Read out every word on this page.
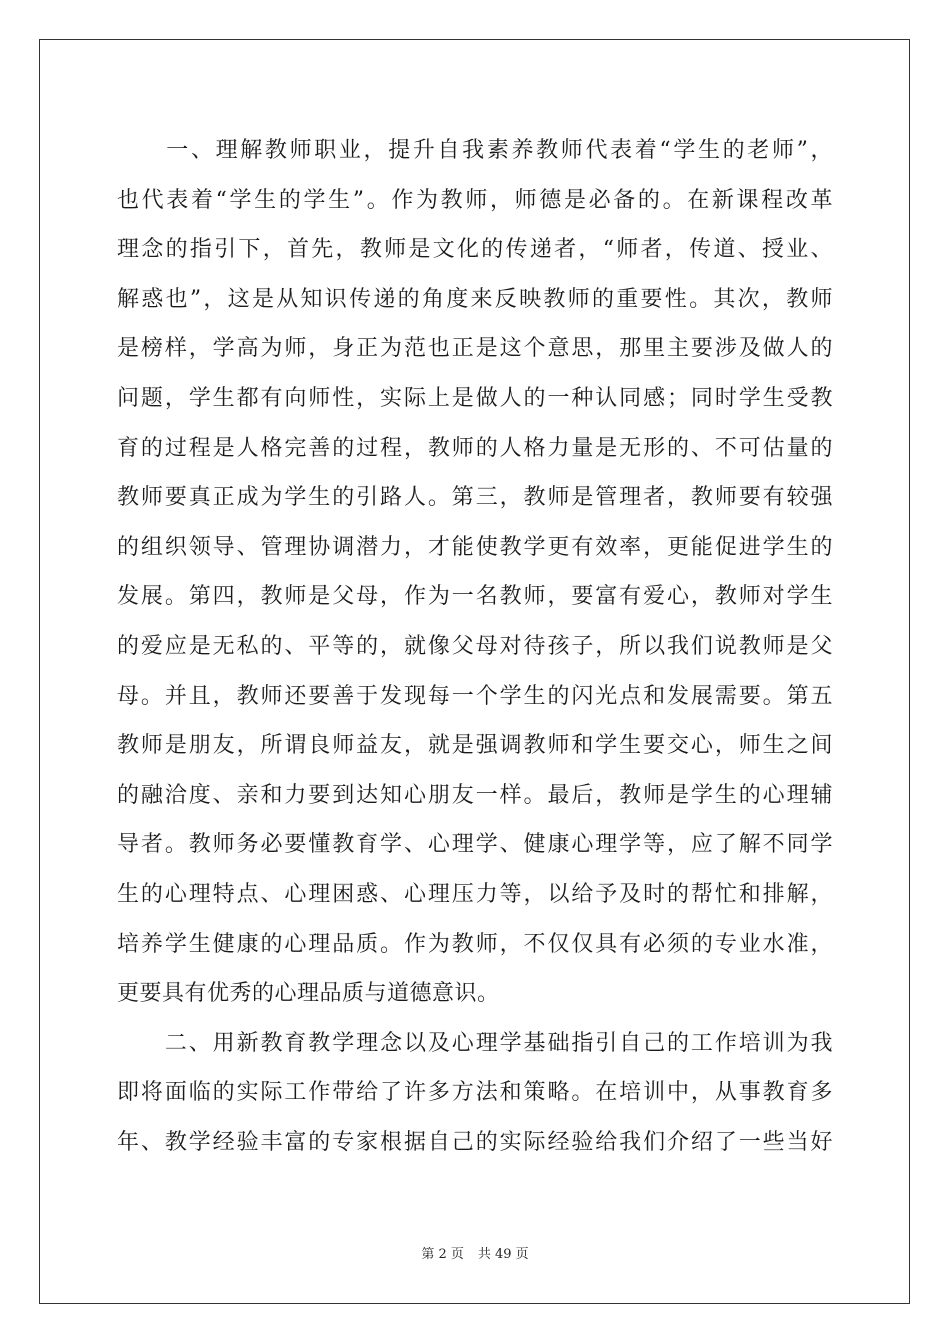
　　一、理解教师职业，提升自我素养教师代表着“学生的老师”，
也代表着“学生的学生”。作为教师，师德是必备的。在新课程改革
理念的指引下，首先，教师是文化的传递者，“师者，传道、授业、
解惑也”，这是从知识传递的角度来反映教师的重要性。其次，教师
是榜样，学高为师，身正为范也正是这个意思，那里主要涉及做人的
问题，学生都有向师性，实际上是做人的一种认同感；同时学生受教
育的过程是人格完善的过程，教师的人格力量是无形的、不可估量的
教师要真正成为学生的引路人。第三，教师是管理者，教师要有较强
的组织领导、管理协调潜力，才能使教学更有效率，更能促进学生的
发展。第四，教师是父母，作为一名教师，要富有爱心，教师对学生
的爱应是无私的、平等的，就像父母对待孩子，所以我们说教师是父
母。并且，教师还要善于发现每一个学生的闪光点和发展需要。第五
教师是朋友，所谓良师益友，就是强调教师和学生要交心，师生之间
的融洽度、亲和力要到达知心朋友一样。最后，教师是学生的心理辅
导者。教师务必要懂教育学、心理学、健康心理学等，应了解不同学
生的心理特点、心理困惑、心理压力等，以给予及时的帮忙和排解，
培养学生健康的心理品质。作为教师，不仅仅具有必须的专业水准，
更要具有优秀的心理品质与道德意识。
　　二、用新教育教学理念以及心理学基础指引自己的工作培训为我
即将面临的实际工作带给了许多方法和策略。在培训中，从事教育多
年、教学经验丰富的专家根据自己的实际经验给我们介绍了一些当好
第 2 页 共 49 页
